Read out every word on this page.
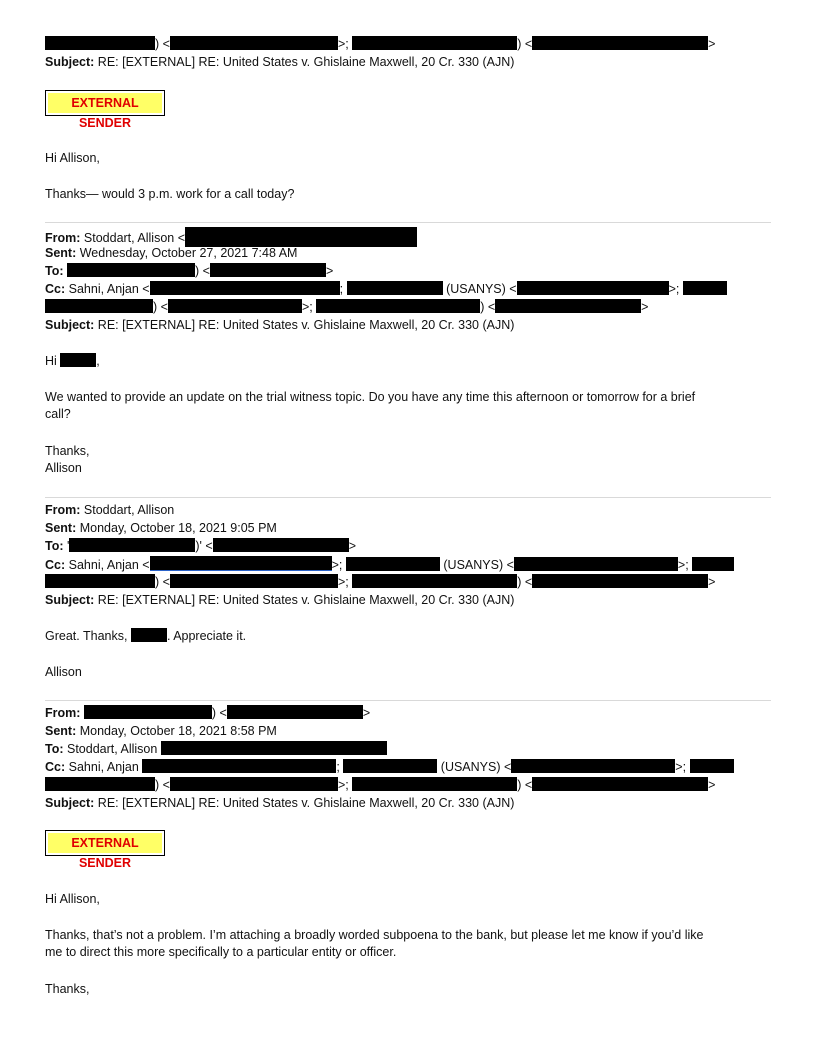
) <	>;	) <	>
Subject: RE: [EXTERNAL] RE: United States v. Ghislaine Maxwell, 20 Cr. 330 (AJN)
EXTERNAL SENDER
Hi Allison,
Thanks— would 3 p.m. work for a call today?
From: Stoddart, Allison <
Sent: Wednesday, October 27, 2021 7:48 AM
To:	) <	>
Cc: Sahni, Anjan <	;	(USANYS) <	>;
) <	>;	) <	>
Subject: RE: [EXTERNAL] RE: United States v. Ghislaine Maxwell, 20 Cr. 330 (AJN)
Hi	,
We wanted to provide an update on the trial witness topic. Do you have any time this afternoon or tomorrow for a brief
call?
Thanks,
Allison
From: Stoddart, Allison
Sent: Monday, October 18, 2021 9:05 PM
To: '	)' <	>
Cc: Sahni, Anjan <	>;	(USANYS) <	>;
) <	>;	) <	>
Subject: RE: [EXTERNAL] RE: United States v. Ghislaine Maxwell, 20 Cr. 330 (AJN)
Great. Thanks,	. Appreciate it.
Allison
From:	) <	>
Sent: Monday, October 18, 2021 8:58 PM
To: Stoddart, Allison
Cc: Sahni, Anjan	;	(USANYS) <	>;
) <	>;	) <	>
Subject: RE: [EXTERNAL] RE: United States v. Ghislaine Maxwell, 20 Cr. 330 (AJN)
EXTERNAL SENDER
Hi Allison,
Thanks, that’s not a problem. I’m attaching a broadly worded subpoena to the bank, but please let me know if you’d like
me to direct this more specifically to a particular entity or officer.
Thanks,
